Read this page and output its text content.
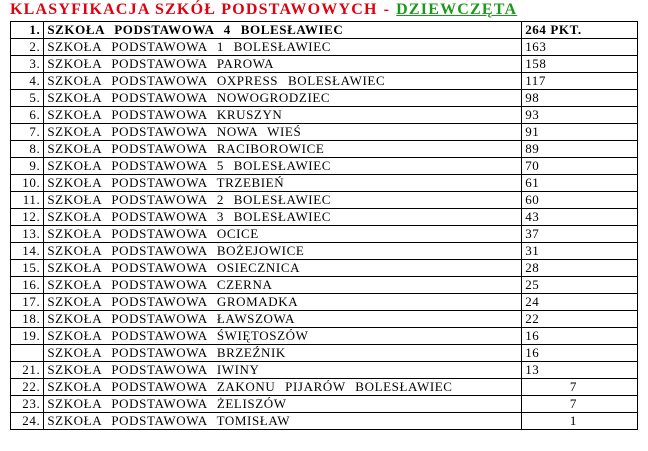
KLASYFIKACJA SZKÓŁ PODSTAWOWYCH - DZIEWCZĘTA
1.	SZKOŁA PODSTAWOWA 4 BOLESŁAWIEC	264 PKT.
2.	SZKOŁA PODSTAWOWA 1 BOLESŁAWIEC	163
3.	SZKOŁA PODSTAWOWA PAROWA	158
4.	SZKOŁA PODSTAWOWA OXPRESS BOLESŁAWIEC	117
5.	SZKOŁA PODSTAWOWA NOWOGRODZIEC	98
6.	SZKOŁA PODSTAWOWA KRUSZYN	93
7.	SZKOŁA PODSTAWOWA NOWA WIEŚ	91
8.	SZKOŁA PODSTAWOWA RACIBOROWICE	89
9.	SZKOŁA PODSTAWOWA 5 BOLESŁAWIEC	70
10.	SZKOŁA PODSTAWOWA TRZEBIEŃ	61
11.	SZKOŁA PODSTAWOWA 2 BOLESŁAWIEC	60
12.	SZKOŁA PODSTAWOWA 3 BOLESŁAWIEC	43
13.	SZKOŁA PODSTAWOWA OCICE	37
14.	SZKOŁA PODSTAWOWA BOŻEJOWICE	31
15.	SZKOŁA PODSTAWOWA OSIECZNICA	28
16.	SZKOŁA PODSTAWOWA CZERNA	25
17.	SZKOŁA PODSTAWOWA GROMADKA	24
18.	SZKOŁA PODSTAWOWA ŁAWSZOWA	22
19.	SZKOŁA PODSTAWOWA ŚWIĘTOSZÓW	16
	SZKOŁA PODSTAWOWA BRZEŹNIK	16
21.	SZKOŁA PODSTAWOWA IWINY	13
22.	SZKOŁA PODSTAWOWA ZAKONU PIJARÓW BOLESŁAWIEC	7
23.	SZKOŁA PODSTAWOWA ŻELISZÓW	7
24.	SZKOŁA PODSTAWOWA TOMISŁAW	1
